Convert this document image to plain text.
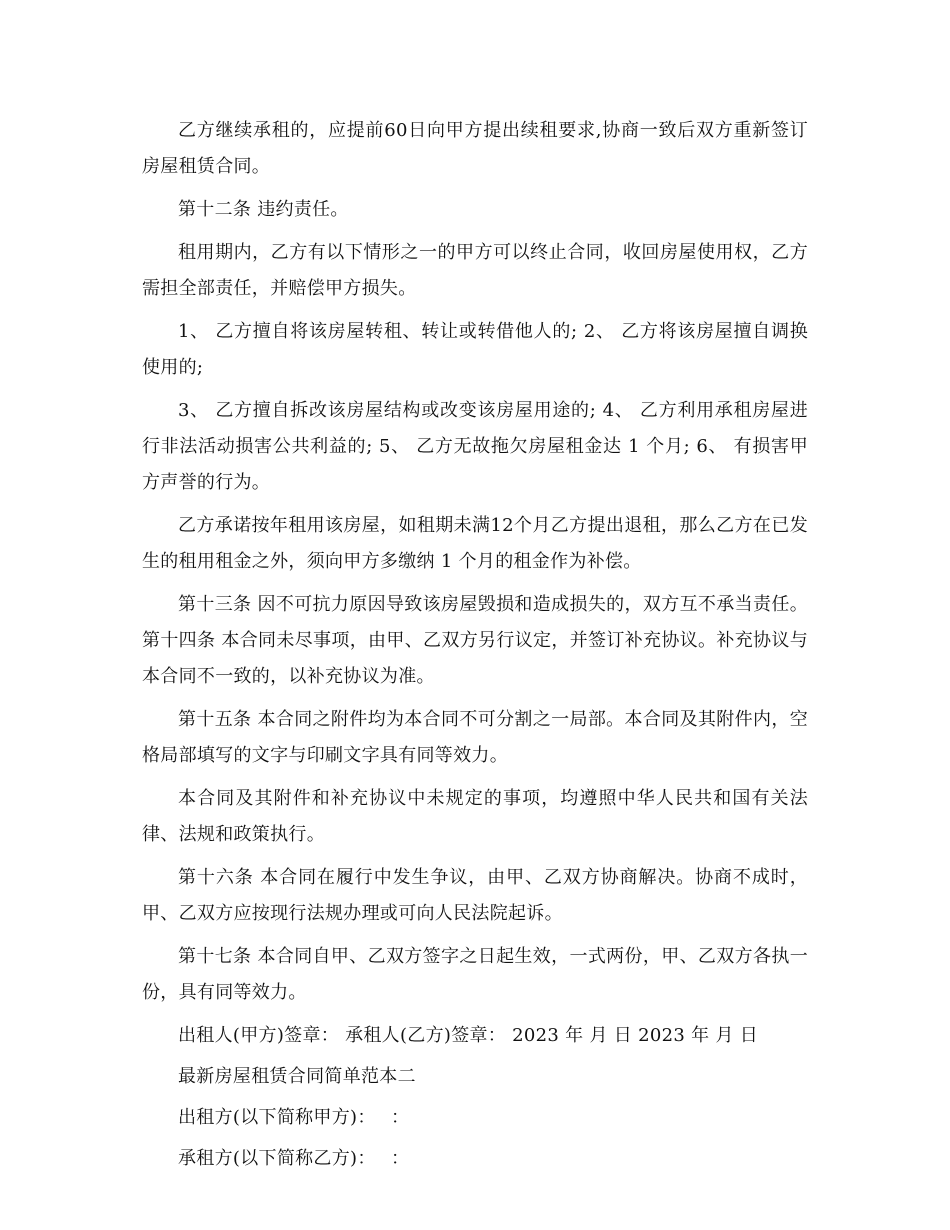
乙方继续承租的，应提前60日向甲方提出续租要求,协商一致后双方重新签订房屋租赁合同。

第十二条 违约责任。

租用期内，乙方有以下情形之一的甲方可以终止合同，收回房屋使用权，乙方需担全部责任，并赔偿甲方损失。

1、 乙方擅自将该房屋转租、转让或转借他人的; 2、 乙方将该房屋擅自调换使用的;

3、 乙方擅自拆改该房屋结构或改变该房屋用途的; 4、 乙方利用承租房屋进行非法活动损害公共利益的; 5、 乙方无故拖欠房屋租金达 1 个月; 6、 有损害甲方声誉的行为。

乙方承诺按年租用该房屋，如租期未满12个月乙方提出退租，那么乙方在已发生的租用租金之外，须向甲方多缴纳 1 个月的租金作为补偿。

第十三条 因不可抗力原因导致该房屋毁损和造成损失的，双方互不承当责任。 第十四条 本合同未尽事项，由甲、乙双方另行议定，并签订补充协议。补充协议与本合同不一致的，以补充协议为准。

第十五条 本合同之附件均为本合同不可分割之一局部。本合同及其附件内，空格局部填写的文字与印刷文字具有同等效力。

本合同及其附件和补充协议中未规定的事项，均遵照中华人民共和国有关法律、法规和政策执行。

第十六条 本合同在履行中发生争议，由甲、乙双方协商解决。协商不成时，甲、乙双方应按现行法规办理或可向人民法院起诉。

第十七条 本合同自甲、乙双方签字之日起生效，一式两份，甲、乙双方各执一份，具有同等效力。

出租人(甲方)签章： 承租人(乙方)签章： 2023 年 月 日 2023 年 月 日

最新房屋租赁合同简单范本二

出租方(以下简称甲方)：　 ：

承租方(以下简称乙方)：　 ：
